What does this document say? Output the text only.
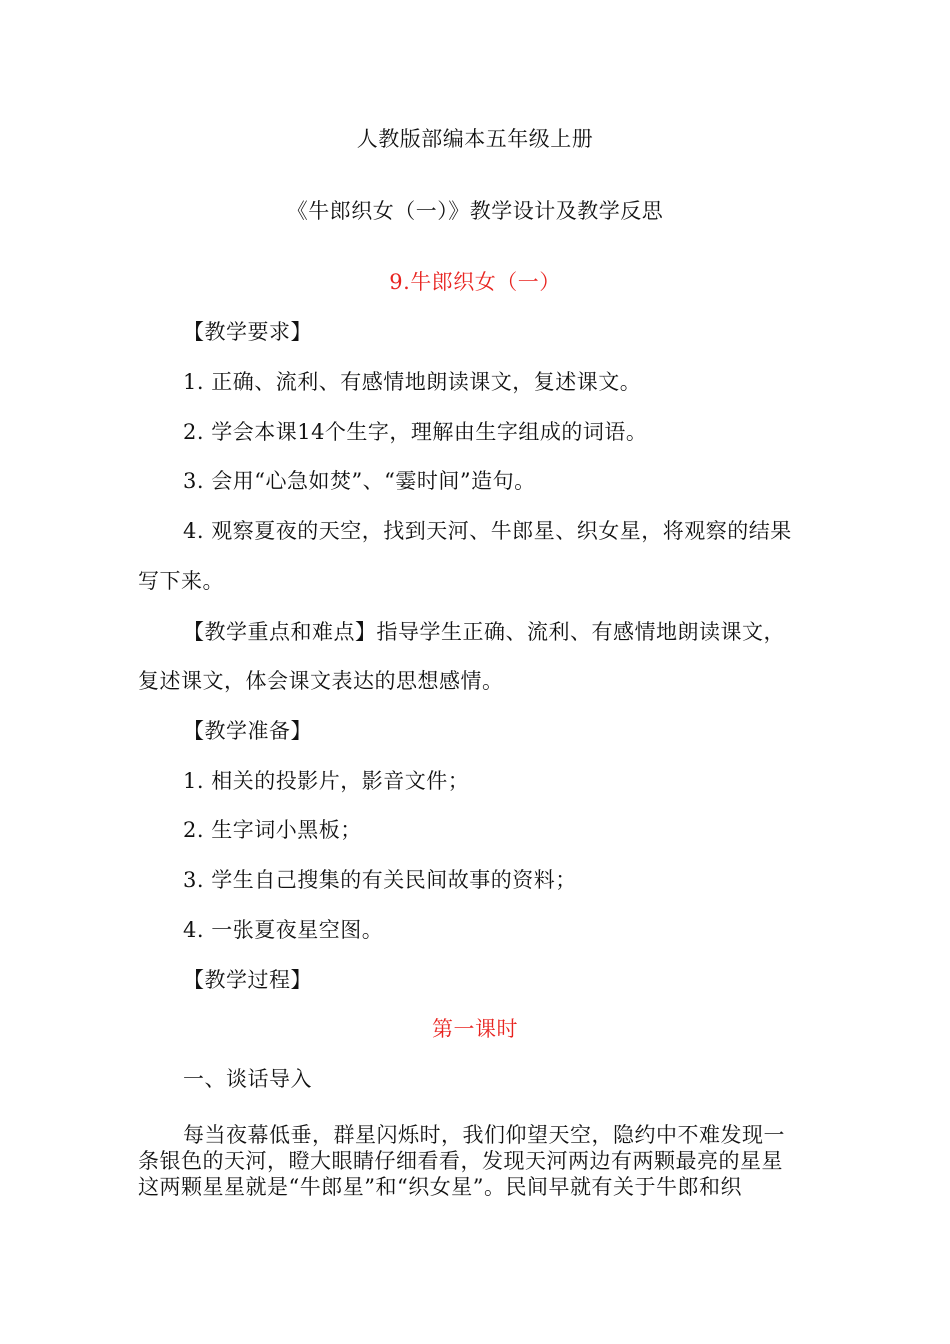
人教版部编本五年级上册
《牛郎织女（一）》教学设计及教学反思
9.牛郎织女（一）
【教学要求】
1. 正确、流利、有感情地朗读课文，复述课文。
2. 学会本课14个生字，理解由生字组成的词语。
3. 会用“心急如焚”、“霎时间”造句。
4. 观察夏夜的天空，找到天河、牛郎星、织女星，将观察的结果
写下来。
【教学重点和难点】指导学生正确、流利、有感情地朗读课文，
复述课文，体会课文表达的思想感情。
【教学准备】
1. 相关的投影片，影音文件；
2. 生字词小黑板；
3. 学生自己搜集的有关民间故事的资料；
4. 一张夏夜星空图。
【教学过程】
第一课时
一、谈话导入
每当夜幕低垂，群星闪烁时，我们仰望天空，隐约中不难发现一
条银色的天河，瞪大眼睛仔细看看，发现天河两边有两颗最亮的星星
这两颗星星就是“牛郎星”和“织女星”。民间早就有关于牛郎和织
